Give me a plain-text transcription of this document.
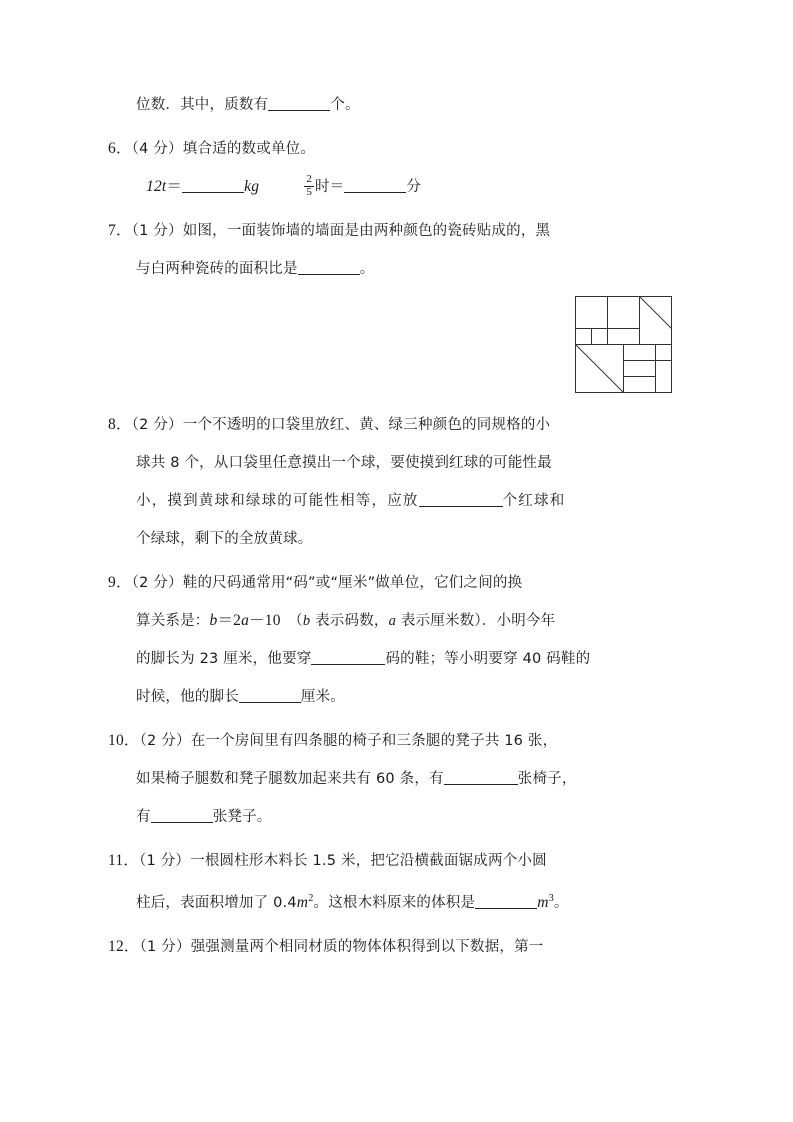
位数．其中，质数有	个。
6．（4 分）填合适的数或单位。
12t＝	kg	$\frac{2}{5}$ 时＝	分
7．（1 分）如图，一面装饰墙的墙面是由两种颜色的瓷砖贴成的，黑
与白两种瓷砖的面积比是	。
8．（2 分）一个不透明的口袋里放红、黄、绿三种颜色的同规格的小
球共 8 个，从口袋里任意摸出一个球，要使摸到红球的可能性最
小，摸到黄球和绿球的可能性相等，应放	个红球和
个绿球，剩下的全放黄球。
9．（2 分）鞋的尺码通常用“码”或“厘米”做单位，它们之间的换
算关系是：b＝2a－10　（b 表示码数，a 表示厘米数）．小明今年
的脚长为 23 厘米，他要穿	码的鞋；等小明要穿 40 码鞋的
时候，他的脚长	厘米。
10．（2 分）在一个房间里有四条腿的椅子和三条腿的凳子共 16 张，
如果椅子腿数和凳子腿数加起来共有 60 条，有	张椅子，
有	张凳子。
11．（1 分）一根圆柱形木料长 1.5 米，把它沿横截面锯成两个小圆
柱后，表面积增加了 $0.4m^2$。这根木料原来的体积是	$m^3$。
12．（1 分）强强测量两个相同材质的物体体积得到以下数据，第一
